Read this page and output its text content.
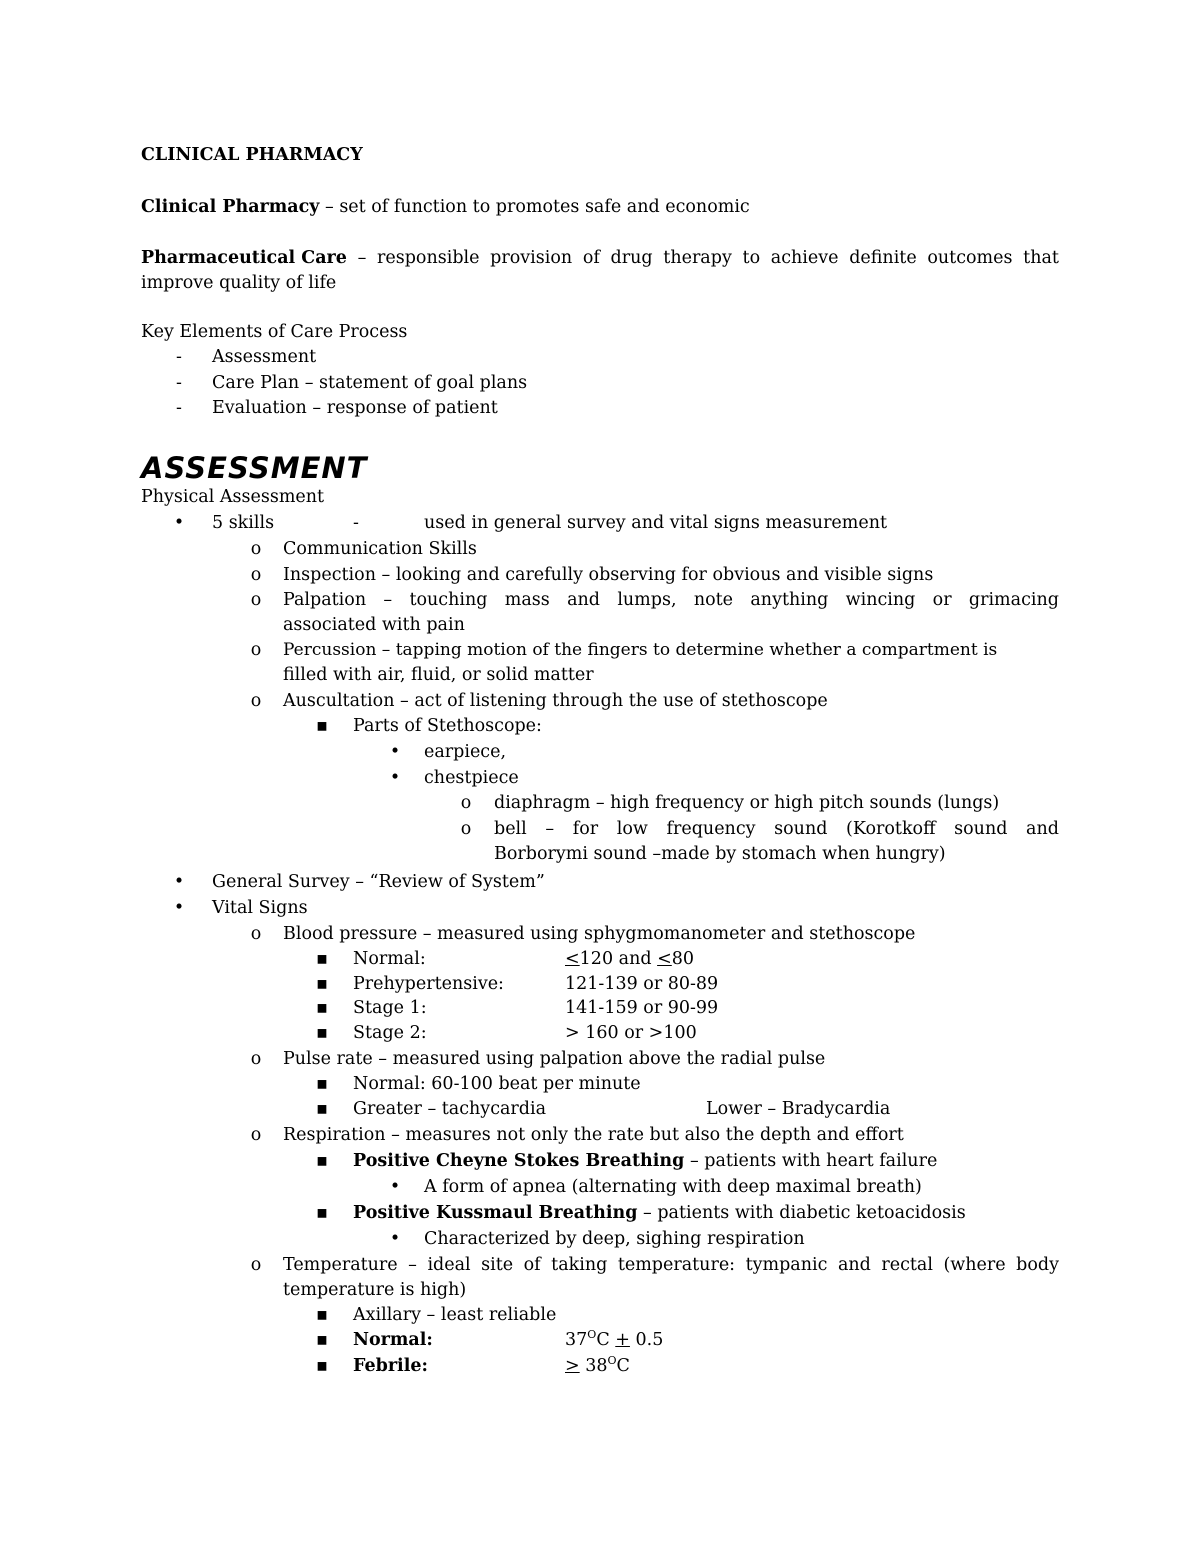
CLINICAL PHARMACY
Clinical Pharmacy – set of function to promotes safe and economic
Pharmaceutical Care – responsible provision of drug therapy to achieve definite outcomes that
improve quality of life
Key Elements of Care Process
- Assessment
- Care Plan – statement of goal plans
- Evaluation – response of patient
ASSESSMENT
Physical Assessment
• 5 skills	-	used in general survey and vital signs measurement
o Communication Skills
o Inspection – looking and carefully observing for obvious and visible signs
o Palpation – touching mass and lumps, note anything wincing or grimacing
associated with pain
o Percussion – tapping motion of the fingers to determine whether a compartment is
filled with air, fluid, or solid matter
o Auscultation – act of listening through the use of stethoscope
▪ Parts of Stethoscope:
• earpiece,
• chestpiece
o diaphragm – high frequency or high pitch sounds (lungs)
o bell – for low frequency sound (Korotkoff sound and
Borborymi sound –made by stomach when hungry)
• General Survey – “Review of System”
• Vital Signs
o Blood pressure – measured using sphygmomanometer and stethoscope
▪ Normal:	<120 and <80
▪ Prehypertensive:	121-139 or 80-89
▪ Stage 1:	141-159 or 90-99
▪ Stage 2:	> 160 or >100
o Pulse rate – measured using palpation above the radial pulse
▪ Normal: 60-100 beat per minute
▪ Greater – tachycardia	Lower – Bradycardia
o Respiration – measures not only the rate but also the depth and effort
▪ Positive Cheyne Stokes Breathing – patients with heart failure
• A form of apnea (alternating with deep maximal breath)
▪ Positive Kussmaul Breathing – patients with diabetic ketoacidosis
• Characterized by deep, sighing respiration
o Temperature – ideal site of taking temperature: tympanic and rectal (where body
temperature is high)
▪ Axillary – least reliable
▪ Normal:	$37^OC + 0.5$
▪ Febrile:	> $38^OC$
